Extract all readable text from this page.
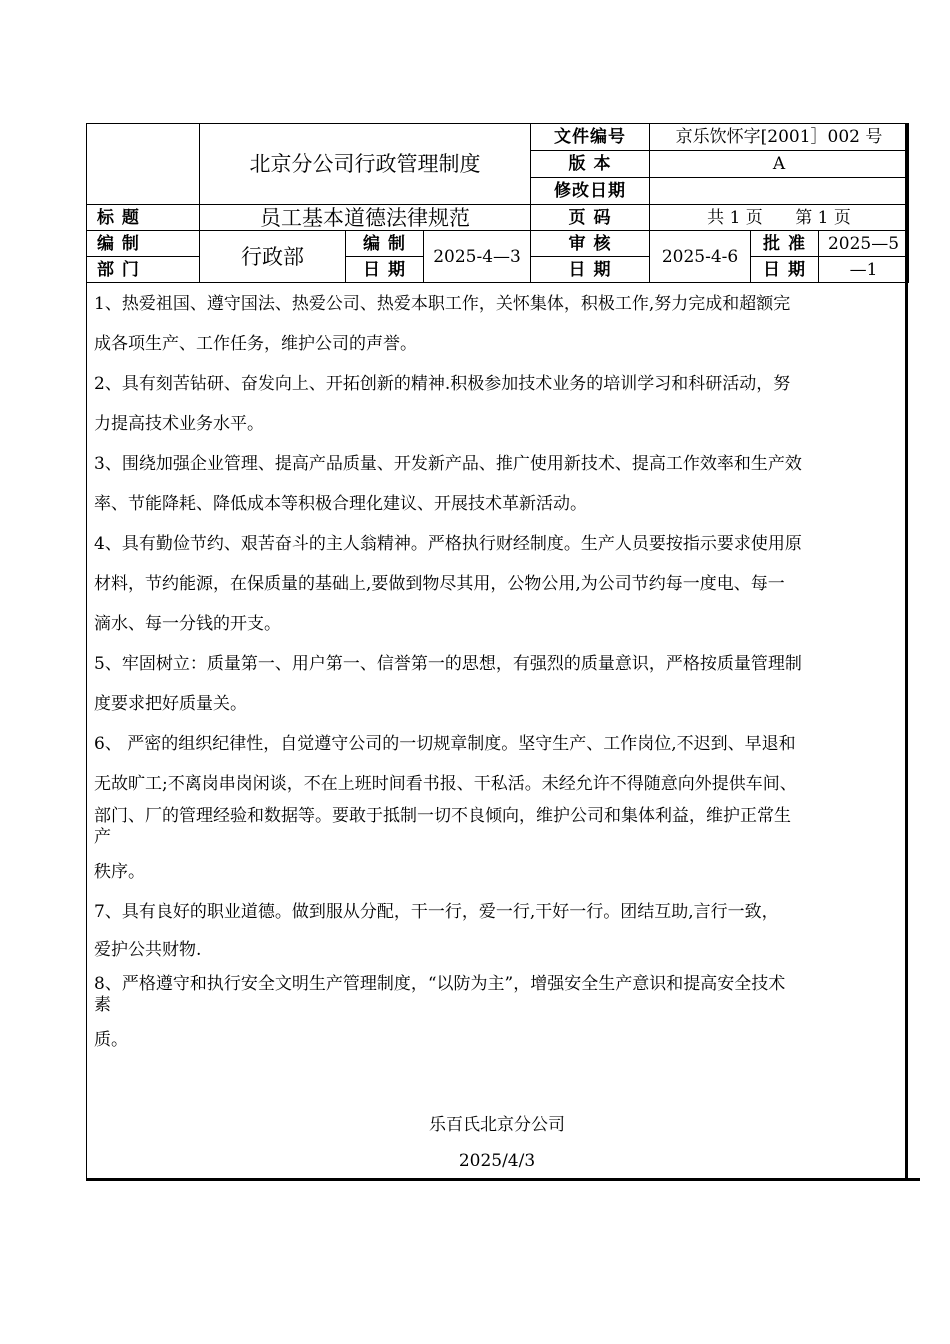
	北京分公司行政管理制度			文件编号	京乐饮怀字[2001］002 号		
				版 本	A		
				修改日期			
标 题	员工基本道德法律规范			页 码	共 1 页 第 1 页		
编 制	行政部	编 制	2025-4—3	审 核	2025-4-6	批 准	2025—5
部 门		日 期		日 期		日 期	—1
1、热爱祖国、遵守国法、热爱公司、热爱本职工作，关怀集体，积极工作,努力完成和超额完
成各项生产、工作任务，维护公司的声誉。
2、具有刻苦钻研、奋发向上、开拓创新的精神.积极参加技术业务的培训学习和科研活动，努
力提高技术业务水平。
3、围绕加强企业管理、提高产品质量、开发新产品、推广使用新技术、提高工作效率和生产效
率、节能降耗、降低成本等积极合理化建议、开展技术革新活动。
4、具有勤俭节约、艰苦奋斗的主人翁精神。严格执行财经制度。生产人员要按指示要求使用原
材料，节约能源，在保质量的基础上,要做到物尽其用，公物公用,为公司节约每一度电、每一
滴水、每一分钱的开支。
5、牢固树立：质量第一、用户第一、信誉第一的思想，有强烈的质量意识，严格按质量管理制
度要求把好质量关。
6、 严密的组织纪律性，自觉遵守公司的一切规章制度。坚守生产、工作岗位,不迟到、早退和
无故旷工;不离岗串岗闲谈，不在上班时间看书报、干私活。未经允许不得随意向外提供车间、
部门、厂的管理经验和数据等。要敢于抵制一切不良倾向，维护公司和集体利益，维护正常生
产
秩序。
7、具有良好的职业道德。做到服从分配，干一行，爱一行,干好一行。团结互助,言行一致，
爱护公共财物.
8、严格遵守和执行安全文明生产管理制度，“以防为主”，增强安全生产意识和提高安全技术
素
质。
乐百氏北京分公司
2025/4/3
